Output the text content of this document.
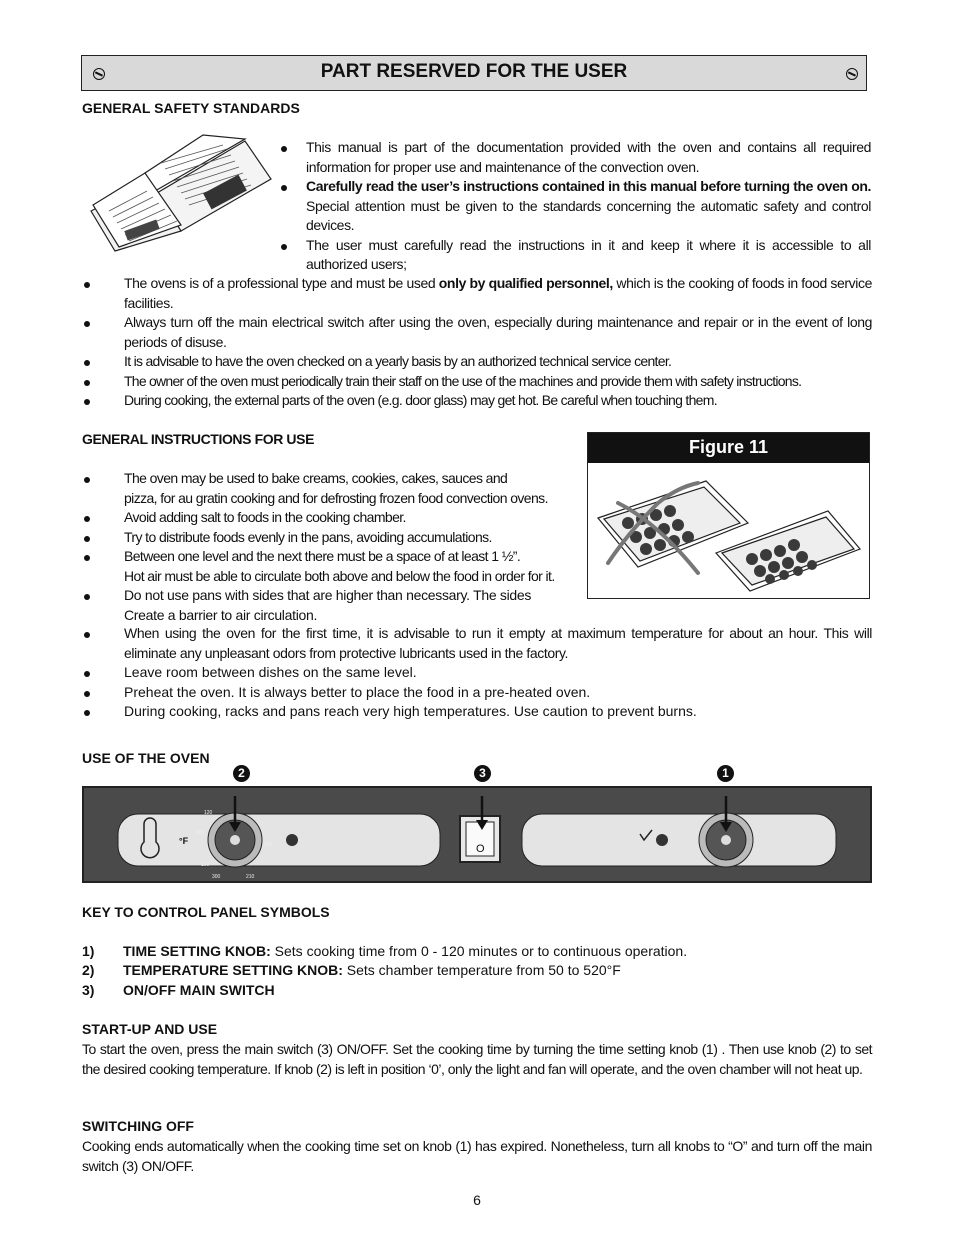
PART RESERVED FOR THE USER
GENERAL SAFETY STANDARDS
This manual is part of the documentation provided with the oven and contains all required information for proper use and maintenance of the convection oven.
Carefully read the user’s instructions contained in this manual before turning the oven on. Special attention must be given to the standards concerning the automatic safety and control devices.
The user must carefully read the instructions in it and keep it where it is accessible to all authorized users;
The ovens is of a professional type and must be used only by qualified personnel, which is the cooking of foods in food service facilities.
Always turn off the main electrical switch after using the oven, especially during maintenance and repair or in the event of long periods of disuse.
It is advisable to have the oven checked on a yearly basis by an authorized technical service center.
The owner of the oven must periodically train their staff on the use of the machines and provide them with safety instructions.
During cooking, the external parts of the oven (e.g. door glass) may get hot. Be careful when touching them.
GENERAL INSTRUCTIONS FOR USE	Figure 11
The oven may be used to bake creams, cookies, cakes, sauces and
pizza, for au gratin cooking and for defrosting frozen food convection ovens.
Avoid adding salt to foods in the cooking chamber.
Try to distribute foods evenly in the pans, avoiding accumulations.
Between one level and the next there must be a space of at least 1 ½”.
Hot air must be able to circulate both above and below the food in order for it.
Do not use pans with sides that are higher than necessary. The sides
Create a barrier to air circulation.
When using the oven for the first time, it is advisable to run it empty at maximum temperature for about an hour. This will eliminate any unpleasant odors from protective lubricants used in the factory.
Leave room between dishes on the same level.
Preheat the oven. It is always better to place the food in a pre-heated oven.
During cooking, racks and pans reach very high temperatures. Use caution to prevent burns.
USE OF THE OVEN
2	3	1
°F
O
120
100
300	210
120
100
KEY TO CONTROL PANEL SYMBOLS
1) TIME SETTING KNOB: Sets cooking time from 0 - 120 minutes or to continuous operation.
2) TEMPERATURE SETTING KNOB: Sets chamber temperature from 50 to 520°F
3) ON/OFF MAIN SWITCH
START-UP AND USE

To start the oven, press the main switch (3) ON/OFF. Set the cooking time by turning the time setting knob (1) . Then use knob (2) to set the desired cooking temperature. If knob (2) is left in position ‘0’, only the light and fan will operate, and the oven chamber will not heat up.

SWITCHING OFF

Cooking ends automatically when the cooking time set on knob (1) has expired. Nonetheless, turn all knobs to “O” and turn off the main switch (3) ON/OFF.

6
